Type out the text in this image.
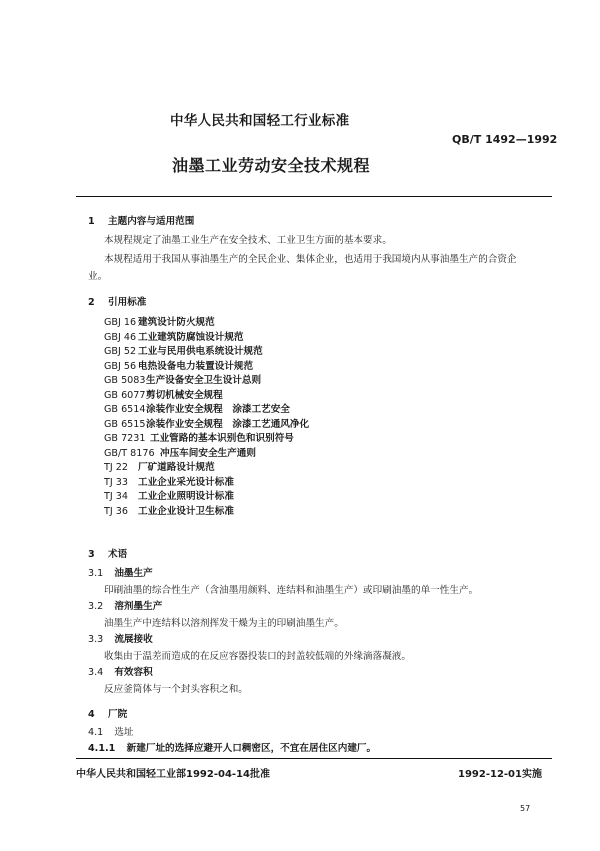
中华人民共和国轻工行业标准
QB/T 1492—1992
油墨工业劳动安全技术规程
1 主题内容与适用范围
本规程规定了油墨工业生产在安全技术、工业卫生方面的基本要求。
本规程适用于我国从事油墨生产的全民企业、集体企业，也适用于我国境内从事油墨生产的合资企
业。
2 引用标准
GBJ 16 建筑设计防火规范
GBJ 46 工业建筑防腐蚀设计规范
GBJ 52 工业与民用供电系统设计规范
GBJ 56 电热设备电力装置设计规范
GB 5083生产设备安全卫生设计总则
GB 6077剪切机械安全规程
GB 6514涂装作业安全规程　涂漆工艺安全
GB 6515涂装作业安全规程　涂漆工艺通风净化
GB 7231 工业管路的基本识别色和识别符号
GB/T 8176 冲压车间安全生产通则
TJ 22 厂矿道路设计规范
TJ 33 工业企业采光设计标准
TJ 34 工业企业照明设计标准
TJ 36 工业企业设计卫生标准
3 术语
3.1 油墨生产
印刷油墨的综合性生产（含油墨用颜料、连结料和油墨生产）或印刷油墨的单一性生产。
3.2 溶剂墨生产
油墨生产中连结料以溶剂挥发干燥为主的印刷油墨生产。
3.3 流展接收
收集由于温差而造成的在反应容器投装口的封盖较低端的外缘滴落凝液。
3.4 有效容积
反应釜筒体与一个封头容积之和。
4 厂院
4.1 选址
4.1.1 新建厂址的选择应避开人口稠密区，不宜在居住区内建厂。
中华人民共和国轻工业部1992-04-14批准	1992-12-01实施
57
